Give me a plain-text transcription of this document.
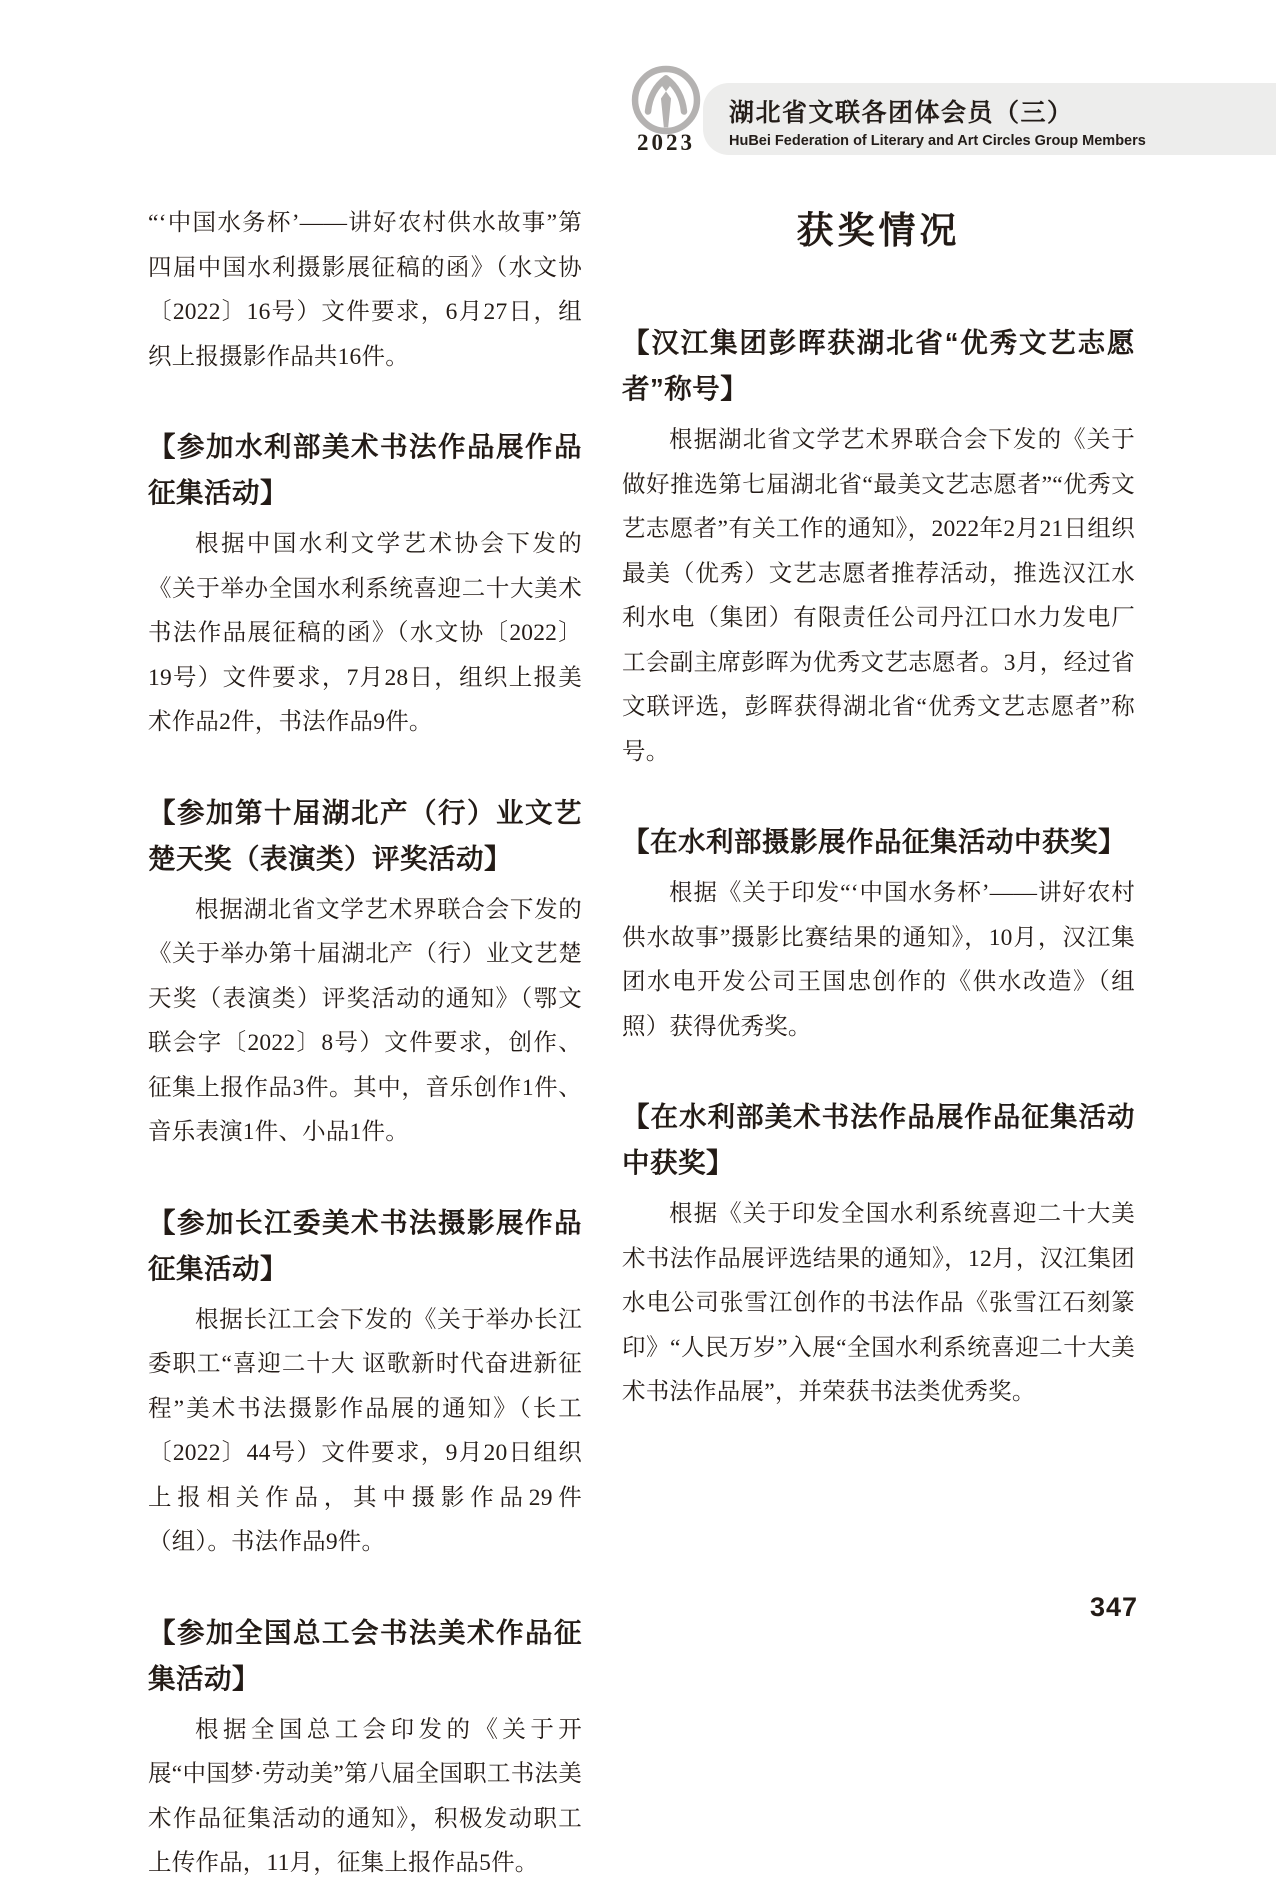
2023
湖北省文联各团体会员（三）
HuBei Federation of Literary and Art Circles Group Members

“‘中国水务杯’——讲好农村供水故事”第四届中国水利摄影展征稿的函》（水文协〔2022〕16号）文件要求，6月27日，组织上报摄影作品共16件。

【参加水利部美术书法作品展作品征集活动】

根据中国水利文学艺术协会下发的《关于举办全国水利系统喜迎二十大美术书法作品展征稿的函》（水文协〔2022〕19号）文件要求，7月28日，组织上报美术作品2件，书法作品9件。

【参加第十届湖北产（行）业文艺楚天奖（表演类）评奖活动】

根据湖北省文学艺术界联合会下发的《关于举办第十届湖北产（行）业文艺楚天奖（表演类）评奖活动的通知》（鄂文联会字〔2022〕8号）文件要求，创作、征集上报作品3件。其中，音乐创作1件、音乐表演1件、小品1件。

【参加长江委美术书法摄影展作品征集活动】

根据长江工会下发的《关于举办长江委职工“喜迎二十大 讴歌新时代奋进新征程”美术书法摄影作品展的通知》（长工〔2022〕44号）文件要求，9月20日组织上报相关作品，其中摄影作品29件（组）。书法作品9件。

【参加全国总工会书法美术作品征集活动】

根据全国总工会印发的《关于开展“中国梦·劳动美”第八届全国职工书法美术作品征集活动的通知》，积极发动职工上传作品，11月，征集上报作品5件。

获奖情况
【汉江集团彭晖获湖北省“优秀文艺志愿者”称号】

根据湖北省文学艺术界联合会下发的《关于做好推选第七届湖北省“最美文艺志愿者”“优秀文艺志愿者”有关工作的通知》，2022年2月21日组织最美（优秀）文艺志愿者推荐活动，推选汉江水利水电（集团）有限责任公司丹江口水力发电厂工会副主席彭晖为优秀文艺志愿者。3月，经过省文联评选，彭晖获得湖北省“优秀文艺志愿者”称号。

【在水利部摄影展作品征集活动中获奖】

根据《关于印发“‘中国水务杯’——讲好农村供水故事”摄影比赛结果的通知》，10月，汉江集团水电开发公司王国忠创作的《供水改造》（组照）获得优秀奖。

【在水利部美术书法作品展作品征集活动中获奖】

根据《关于印发全国水利系统喜迎二十大美术书法作品展评选结果的通知》，12月，汉江集团水电公司张雪江创作的书法作品《张雪江石刻篆印》“人民万岁”入展“全国水利系统喜迎二十大美术书法作品展”，并荣获书法类优秀奖。

347
